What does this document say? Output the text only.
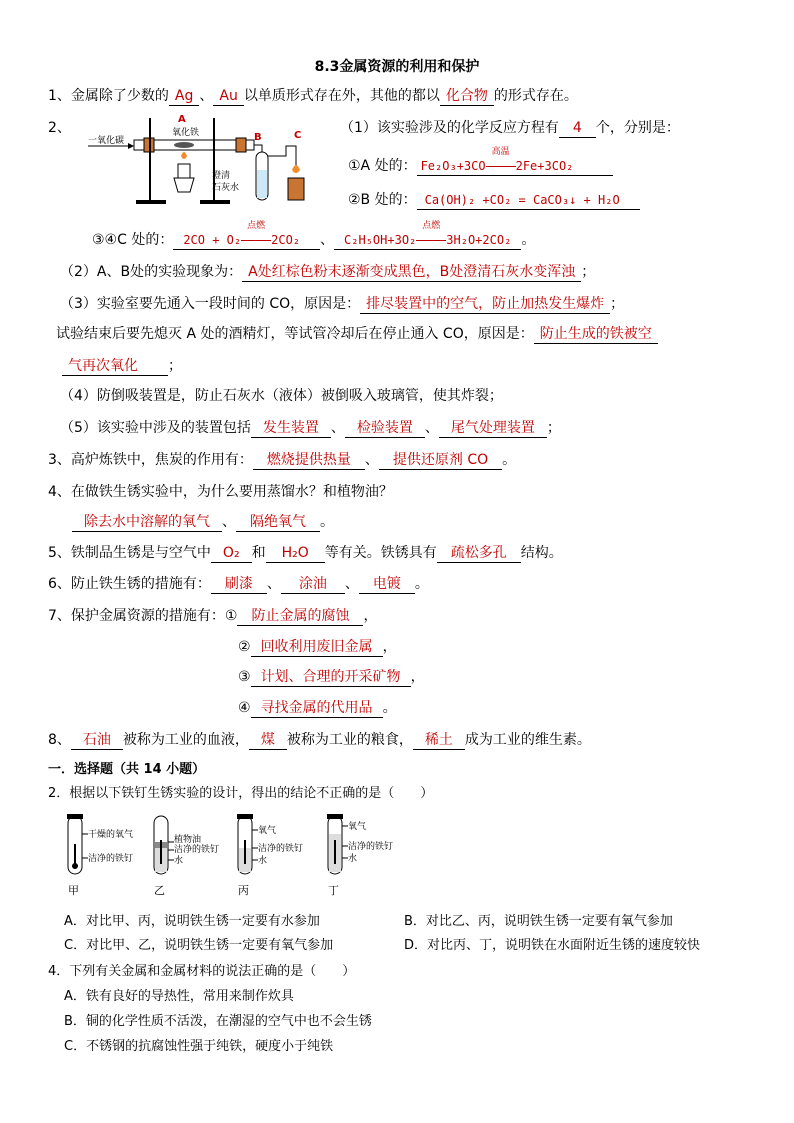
8.3金属资源的利用和保护
1、金属除了少数的 Ag 、 Au 以单质形式存在外，其他的都以 化合物 的形式存在。
2、
一氧化碳
A
氧化铁	B
澄清
石灰水
C	（1）该实验涉及的化学反应方程有 4 个，分别是：
①A 处的： Fe₂O₃+3CO
高温
2Fe+3CO₂
②B 处的： Ca(OH)₂ +CO₂ = CaCO₃↓ + H₂O
③④C 处的： 2CO + O₂
点燃
2CO₂ 、 C₂H₅OH+3O₂
点燃
3H₂O+2CO₂ 。
（2）A、B处的实验现象为： A处红棕色粉末逐渐变成黑色，B处澄清石灰水变浑浊 ；
（3）实验室要先通入一段时间的 CO，原因是： 排尽装置中的空气，防止加热发生爆炸 ；
试验结束后要先熄灭 A 处的酒精灯，等试管冷却后在停止通入 CO，原因是： 防止生成的铁被空
气再次氧化 ；
（4）防倒吸装置是，防止石灰水（液体）被倒吸入玻璃管，使其炸裂；
（5）该实验中涉及的装置包括 发生装置 、 检验装置 、 尾气处理装置 ；
3、高炉炼铁中，焦炭的作用有： 燃烧提供热量 、 提供还原剂 CO 。
4、在做铁生锈实验中，为什么要用蒸馏水？和植物油？
除去水中溶解的氧气 、 隔绝氧气 。
5、铁制品生锈是与空气中 O₂ 和 H₂O 等有关。铁锈具有 疏松多孔 结构。
6、防止铁生锈的措施有： 刷漆 、 涂油 、 电镀 。
7、保护金属资源的措施有：① 防止金属的腐蚀 ，
② 回收利用废旧金属 ，
③ 计划、合理的开采矿物 ，
④ 寻找金属的代用品 。
8、 石油 被称为工业的血液， 煤 被称为工业的粮食， 稀土 成为工业的维生素。
一．选择题（共 14 小题）
2．根据以下铁钉生锈实验的设计，得出的结论不正确的是（　　）
干燥的氧气
洁净的铁钉
甲
植物油
洁净的铁钉
水
乙
氧气
洁净的铁钉
水
丙
氧气
洁净的铁钉
水
丁
A．对比甲、丙，说明铁生锈一定要有水参加	B．对比乙、丙，说明铁生锈一定要有氧气参加
C．对比甲、乙，说明铁生锈一定要有氧气参加	D．对比丙、丁，说明铁在水面附近生锈的速度较快
4．下列有关金属和金属材料的说法正确的是（　　）
A．铁有良好的导热性，常用来制作炊具
B．铜的化学性质不活泼，在潮湿的空气中也不会生锈
C．不锈钢的抗腐蚀性强于纯铁，硬度小于纯铁
